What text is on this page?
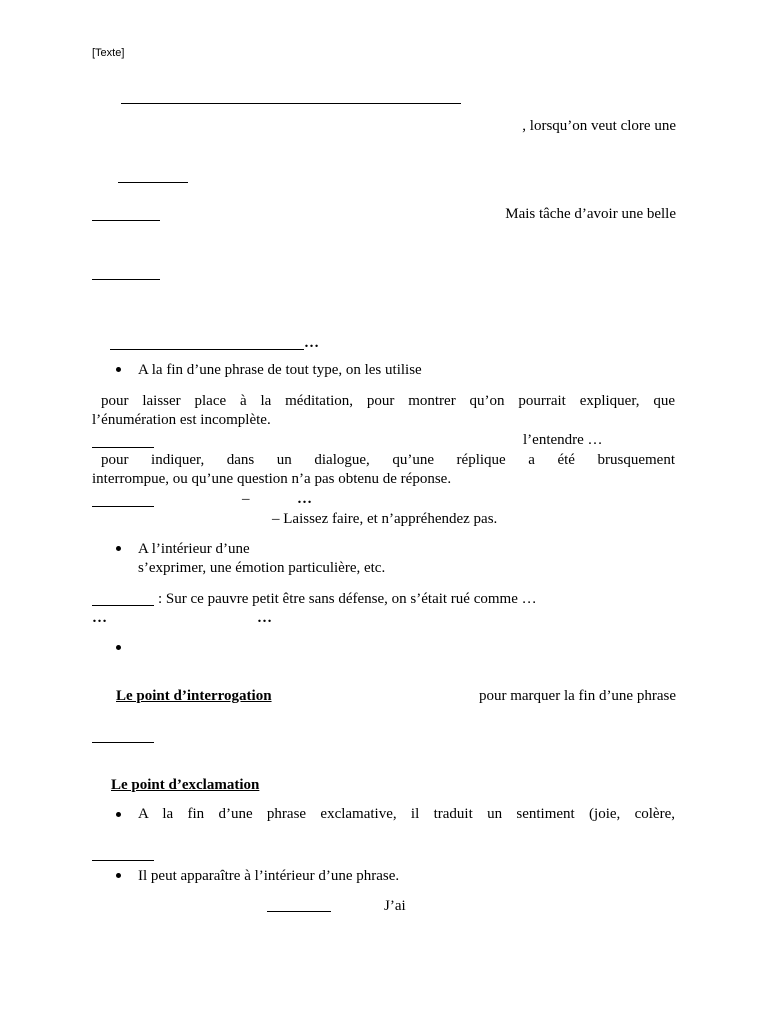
[Texte]
, lorsqu’on veut clore une
Mais tâche d’avoir une belle
…
A la fin d’une phrase de tout type, on les utilise
pour laisser place à la méditation, pour montrer qu’on pourrait expliquer, que
l’énumération est incomplète.
l’entendre …
pour indiquer, dans un dialogue, qu’une réplique a été brusquement
interrompue, ou qu’une question n’a pas obtenu de réponse.
–	…
– Laissez faire, et n’appréhendez pas.
A l’intérieur d’une
s’exprimer, une émotion particulière, etc.
: Sur ce pauvre petit être sans défense, on s’était rué comme …
…	…
Le point d’interrogation	pour marquer la fin d’une phrase
Le point d’exclamation
A la fin d’une phrase exclamative, il traduit un sentiment (joie, colère,
Il peut apparaître à l’intérieur d’une phrase.
J’ai
